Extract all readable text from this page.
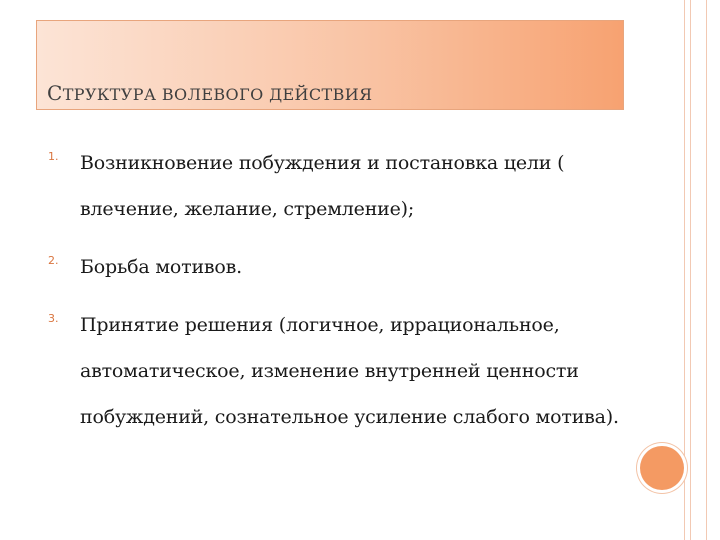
СТРУКТУРА ВОЛЕВОГО ДЕЙСТВИЯ
1. Возникновение побуждения и постановка цели ( влечение, желание, стремление);
2. Борьба мотивов.
3. Принятие решения (логичное, иррациональное, автоматическое, изменение внутренней ценности побуждений, сознательное усиление слабого мотива).
